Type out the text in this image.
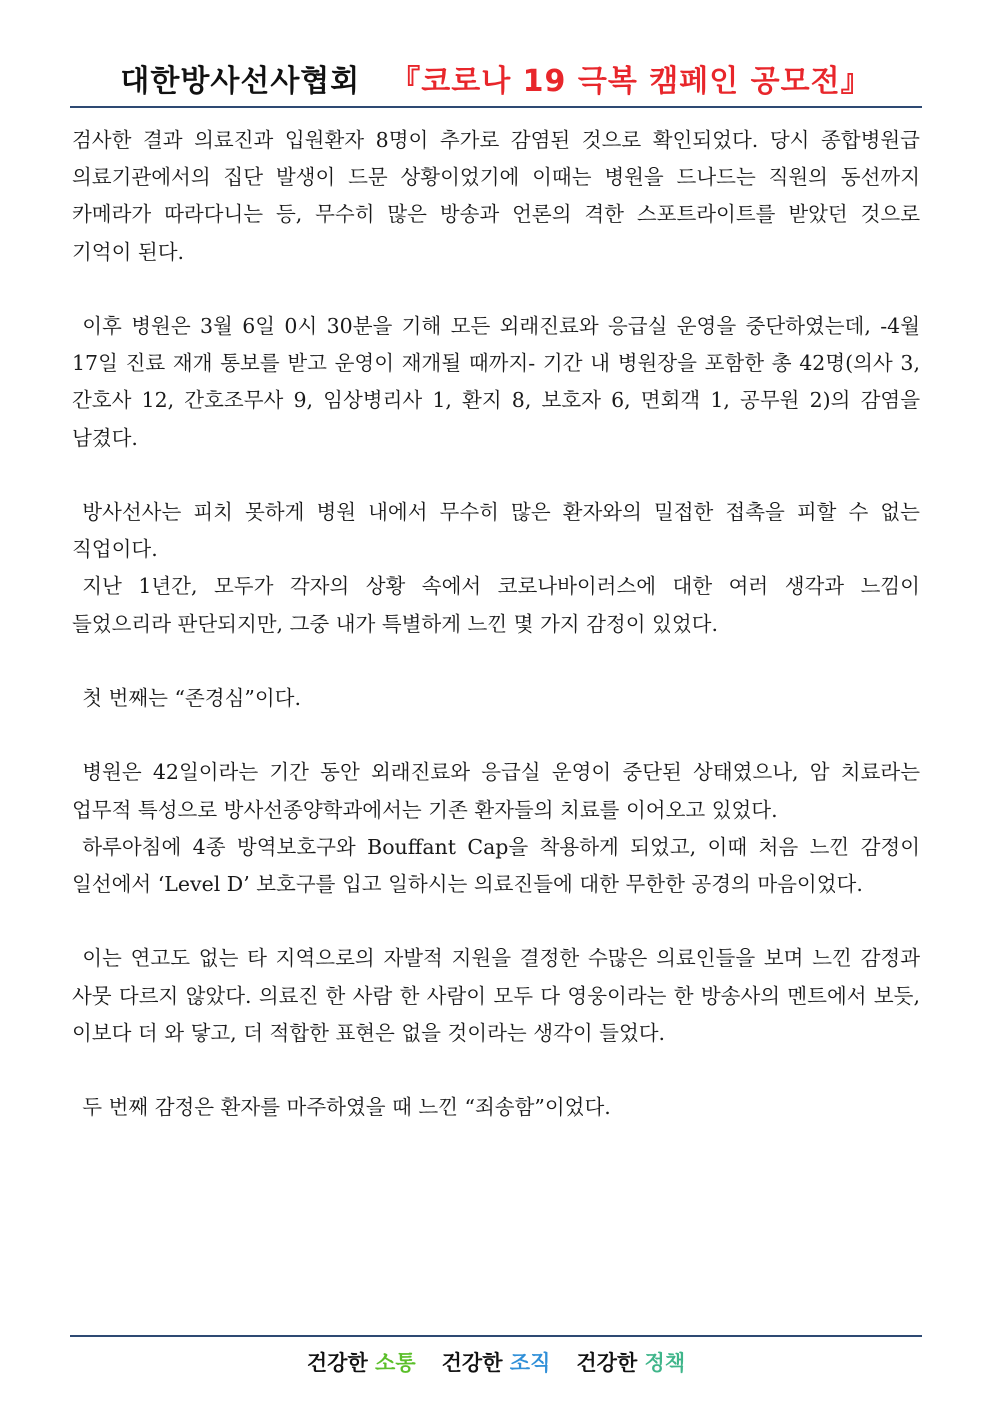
대한방사선사협회 『코로나 19 극복 캠페인 공모전』

검사한 결과 의료진과 입원환자 8명이 추가로 감염된 것으로 확인되었다. 당시 종합병원급 의료기관에서의 집단 발생이 드문 상황이었기에 이때는 병원을 드나드는 직원의 동선까지 카메라가 따라다니는 등, 무수히 많은 방송과 언론의 격한 스포트라이트를 받았던 것으로 기억이 된다.

이후 병원은 3월 6일 0시 30분을 기해 모든 외래진료와 응급실 운영을 중단하였는데, -4월 17일 진료 재개 통보를 받고 운영이 재개될 때까지- 기간 내 병원장을 포함한 총 42명(의사 3, 간호사 12, 간호조무사 9, 임상병리사 1, 환지 8, 보호자 6, 면회객 1, 공무원 2)의 감염을 남겼다.

방사선사는 피치 못하게 병원 내에서 무수히 많은 환자와의 밀접한 접촉을 피할 수 없는 직업이다.

지난 1년간, 모두가 각자의 상황 속에서 코로나바이러스에 대한 여러 생각과 느낌이 들었으리라 판단되지만, 그중 내가 특별하게 느낀 몇 가지 감정이 있었다.

첫 번째는 “존경심”이다.

병원은 42일이라는 기간 동안 외래진료와 응급실 운영이 중단된 상태였으나, 암 치료라는 업무적 특성으로 방사선종양학과에서는 기존 환자들의 치료를 이어오고 있었다.

하루아침에 4종 방역보호구와 Bouffant Cap을 착용하게 되었고, 이때 처음 느낀 감정이 일선에서 ‘Level D’ 보호구를 입고 일하시는 의료진들에 대한 무한한 공경의 마음이었다.

이는 연고도 없는 타 지역으로의 자발적 지원을 결정한 수많은 의료인들을 보며 느낀 감정과 사뭇 다르지 않았다. 의료진 한 사람 한 사람이 모두 다 영웅이라는 한 방송사의 멘트에서 보듯, 이보다 더 와 닿고, 더 적합한 표현은 없을 것이라는 생각이 들었다.

두 번째 감정은 환자를 마주하였을 때 느낀 “죄송함”이었다.

건강한 소통 건강한 조직 건강한 정책
